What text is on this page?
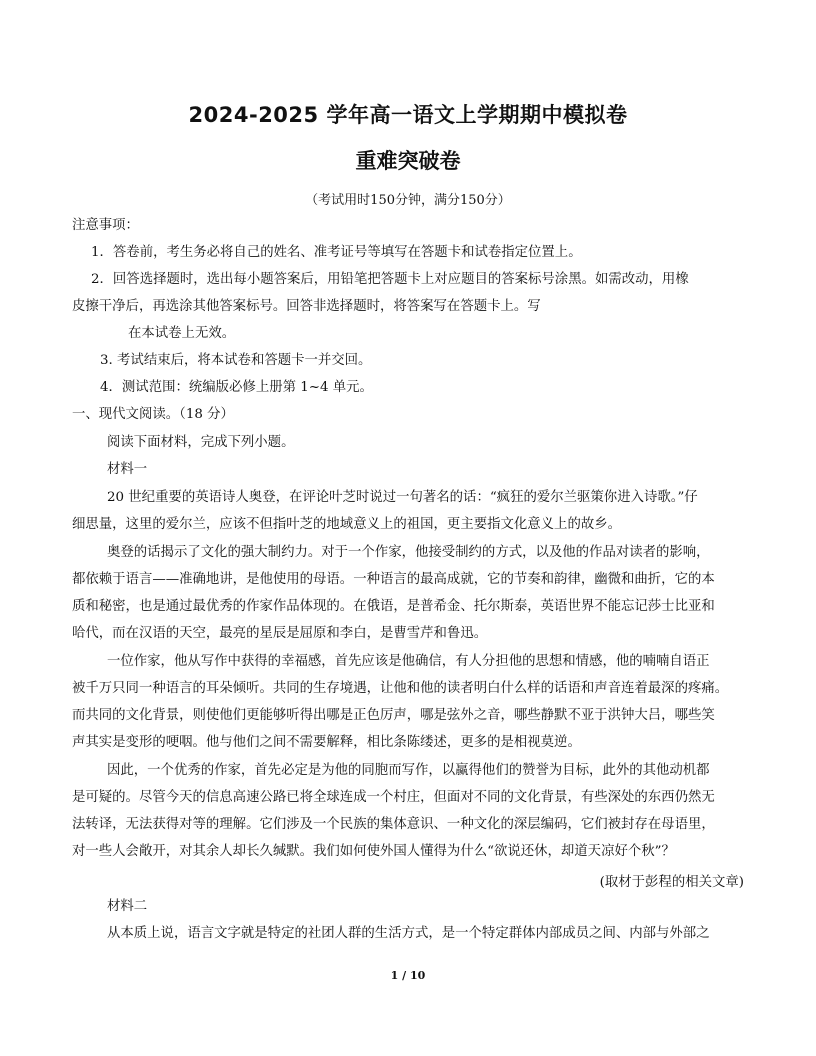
2024-2025 学年高一语文上学期期中模拟卷
重难突破卷
（考试用时150分钟，满分150分）
注意事项：
1．答卷前，考生务必将自己的姓名、准考证号等填写在答题卡和试卷指定位置上。
2．回答选择题时，选出每小题答案后，用铅笔把答题卡上对应题目的答案标号涂黑。如需改动，用橡
皮擦干净后，再选涂其他答案标号。回答非选择题时，将答案写在答题卡上。写
在本试卷上无效。
3. 考试结束后，将本试卷和答题卡一并交回。
4．测试范围：统编版必修上册第 1~4 单元。
一、现代文阅读。（18 分）
阅读下面材料，完成下列小题。
材料一
20 世纪重要的英语诗人奥登，在评论叶芝时说过一句著名的话：“疯狂的爱尔兰驱策你进入诗歌。”仔
细思量，这里的爱尔兰，应该不但指叶芝的地域意义上的祖国，更主要指文化意义上的故乡。
奥登的话揭示了文化的强大制约力。对于一个作家，他接受制约的方式，以及他的作品对读者的影响，
都依赖于语言——准确地讲，是他使用的母语。一种语言的最高成就，它的节奏和韵律，幽微和曲折，它的本
质和秘密，也是通过最优秀的作家作品体现的。在俄语，是普希金、托尔斯泰，英语世界不能忘记莎士比亚和
哈代，而在汉语的天空，最亮的星辰是屈原和李白，是曹雪芹和鲁迅。
一位作家，他从写作中获得的幸福感，首先应该是他确信，有人分担他的思想和情感，他的喃喃自语正
被千万只同一种语言的耳朵倾听。共同的生存境遇，让他和他的读者明白什么样的话语和声音连着最深的疼痛。
而共同的文化背景，则使他们更能够听得出哪是正色厉声，哪是弦外之音，哪些静默不亚于洪钟大吕，哪些笑
声其实是变形的哽咽。他与他们之间不需要解释，相比条陈缕述，更多的是相视莫逆。
因此，一个优秀的作家，首先必定是为他的同胞而写作，以赢得他们的赞誉为目标，此外的其他动机都
是可疑的。尽管今天的信息高速公路已将全球连成一个村庄，但面对不同的文化背景，有些深处的东西仍然无
法转译，无法获得对等的理解。它们涉及一个民族的集体意识、一种文化的深层编码，它们被封存在母语里，
对一些人会敞开，对其余人却长久缄默。我们如何使外国人懂得为什么“欲说还休，却道天凉好个秋”？
(取材于彭程的相关文章)
材料二
从本质上说，语言文字就是特定的社团人群的生活方式，是一个特定群体内部成员之间、内部与外部之
1 / 10
